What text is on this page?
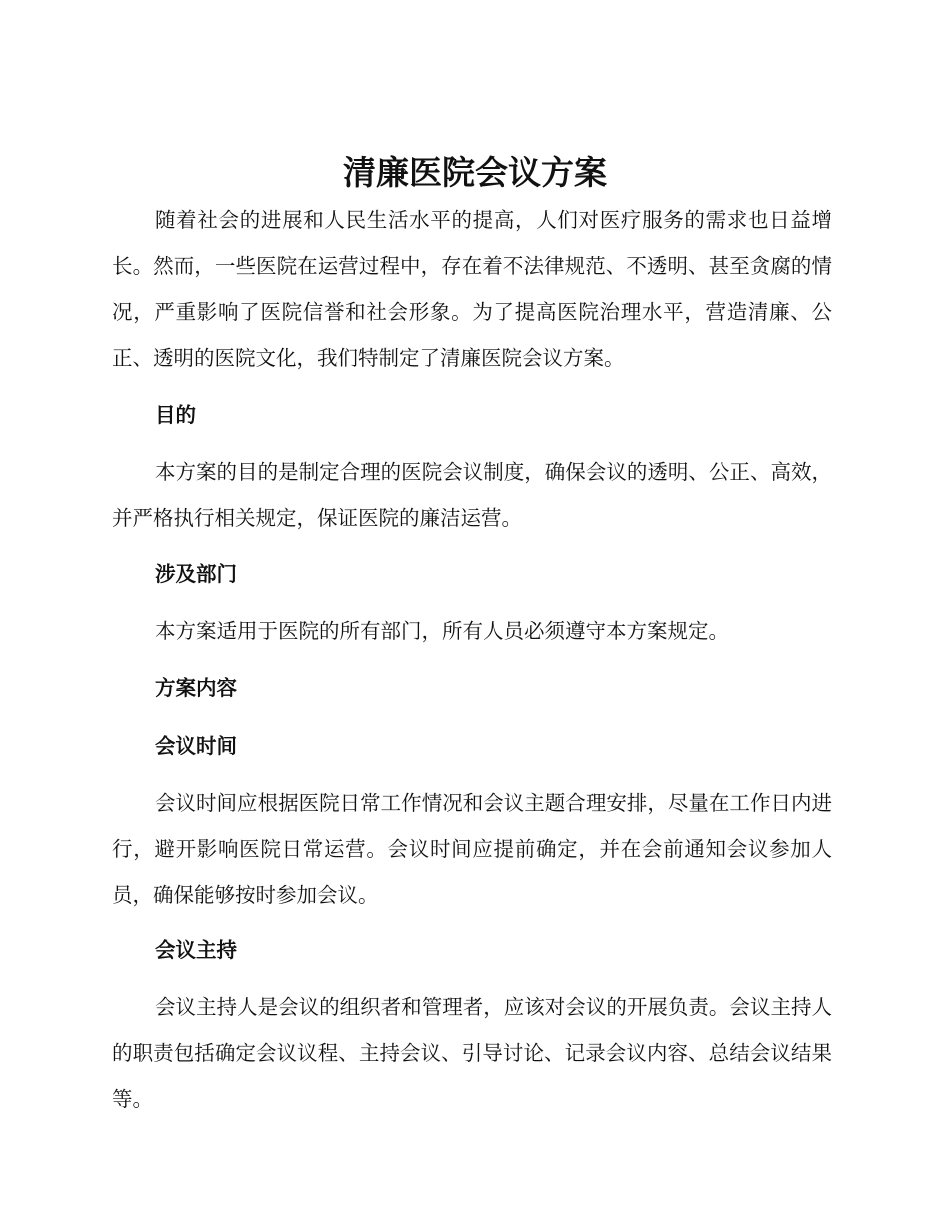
清廉医院会议方案

随着社会的进展和人民生活水平的提高，人们对医疗服务的需求也日益增长。然而，一些医院在运营过程中，存在着不法律规范、不透明、甚至贪腐的情况，严重影响了医院信誉和社会形象。为了提高医院治理水平，营造清廉、公正、透明的医院文化，我们特制定了清廉医院会议方案。

目的

本方案的目的是制定合理的医院会议制度，确保会议的透明、公正、高效，并严格执行相关规定，保证医院的廉洁运营。

涉及部门

本方案适用于医院的所有部门，所有人员必须遵守本方案规定。

方案内容
会议时间

会议时间应根据医院日常工作情况和会议主题合理安排，尽量在工作日内进行，避开影响医院日常运营。会议时间应提前确定，并在会前通知会议参加人员，确保能够按时参加会议。

会议主持

会议主持人是会议的组织者和管理者，应该对会议的开展负责。会议主持人的职责包括确定会议议程、主持会议、引导讨论、记录会议内容、总结会议结果等。
